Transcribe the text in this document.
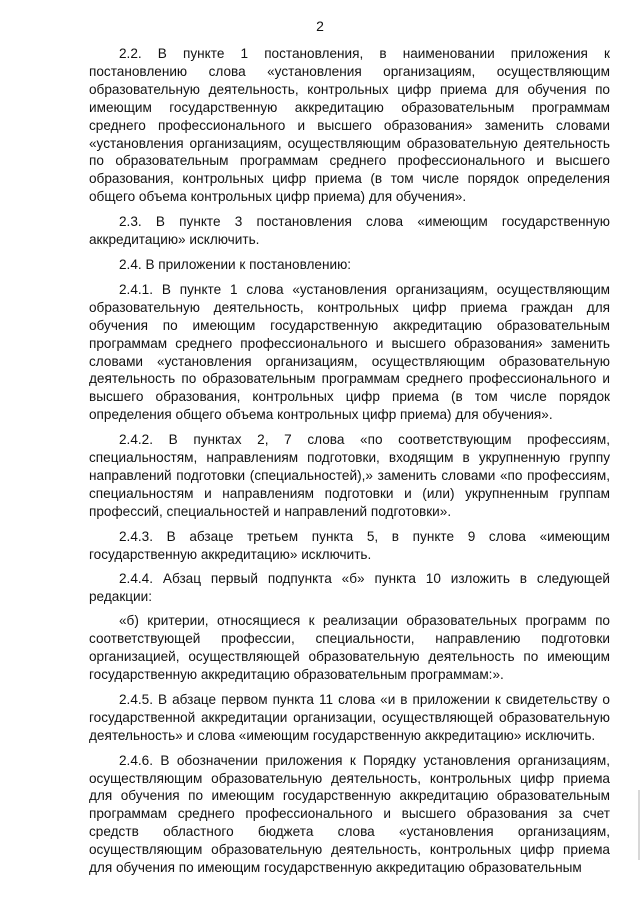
2

2.2. В пункте 1 постановления, в наименовании приложения к постановлению слова «установления организациям, осуществляющим образовательную деятельность, контрольных цифр приема для обучения по имеющим государственную аккредитацию образовательным программам среднего профессионального и высшего образования» заменить словами «установления организациям, осуществляющим образовательную деятельность по образовательным программам среднего профессионального и высшего образования, контрольных цифр приема (в том числе порядок определения общего объема контрольных цифр приема) для обучения».

2.3. В пункте 3 постановления слова «имеющим государственную аккредитацию» исключить.

2.4. В приложении к постановлению:

2.4.1. В пункте 1 слова «установления организациям, осуществляющим образовательную деятельность, контрольных цифр приема граждан для обучения по имеющим государственную аккредитацию образовательным программам среднего профессионального и высшего образования» заменить словами «установления организациям, осуществляющим образовательную деятельность по образовательным программам среднего профессионального и высшего образования, контрольных цифр приема (в том числе порядок определения общего объема контрольных цифр приема) для обучения».

2.4.2. В пунктах 2, 7 слова «по соответствующим профессиям, специальностям, направлениям подготовки, входящим в укрупненную группу направлений подготовки (специальностей),» заменить словами «по профессиям, специальностям и направлениям подготовки и (или) укрупненным группам профессий, специальностей и направлений подготовки».

2.4.3. В абзаце третьем пункта 5, в пункте 9 слова «имеющим государственную аккредитацию» исключить.

2.4.4. Абзац первый подпункта «б» пункта 10 изложить в следующей редакции:

«б) критерии, относящиеся к реализации образовательных программ по соответствующей профессии, специальности, направлению подготовки организацией, осуществляющей образовательную деятельность по имеющим государственную аккредитацию образовательным программам:».

2.4.5. В абзаце первом пункта 11 слова «и в приложении к свидетельству о государственной аккредитации организации, осуществляющей образовательную деятельность» и слова «имеющим государственную аккредитацию» исключить.

2.4.6. В обозначении приложения к Порядку установления организациям, осуществляющим образовательную деятельность, контрольных цифр приема для обучения по имеющим государственную аккредитацию образовательным программам среднего профессионального и высшего образования за счет средств областного бюджета слова «установления организациям, осуществляющим образовательную деятельность, контрольных цифр приема для обучения по имеющим государственную аккредитацию образовательным
